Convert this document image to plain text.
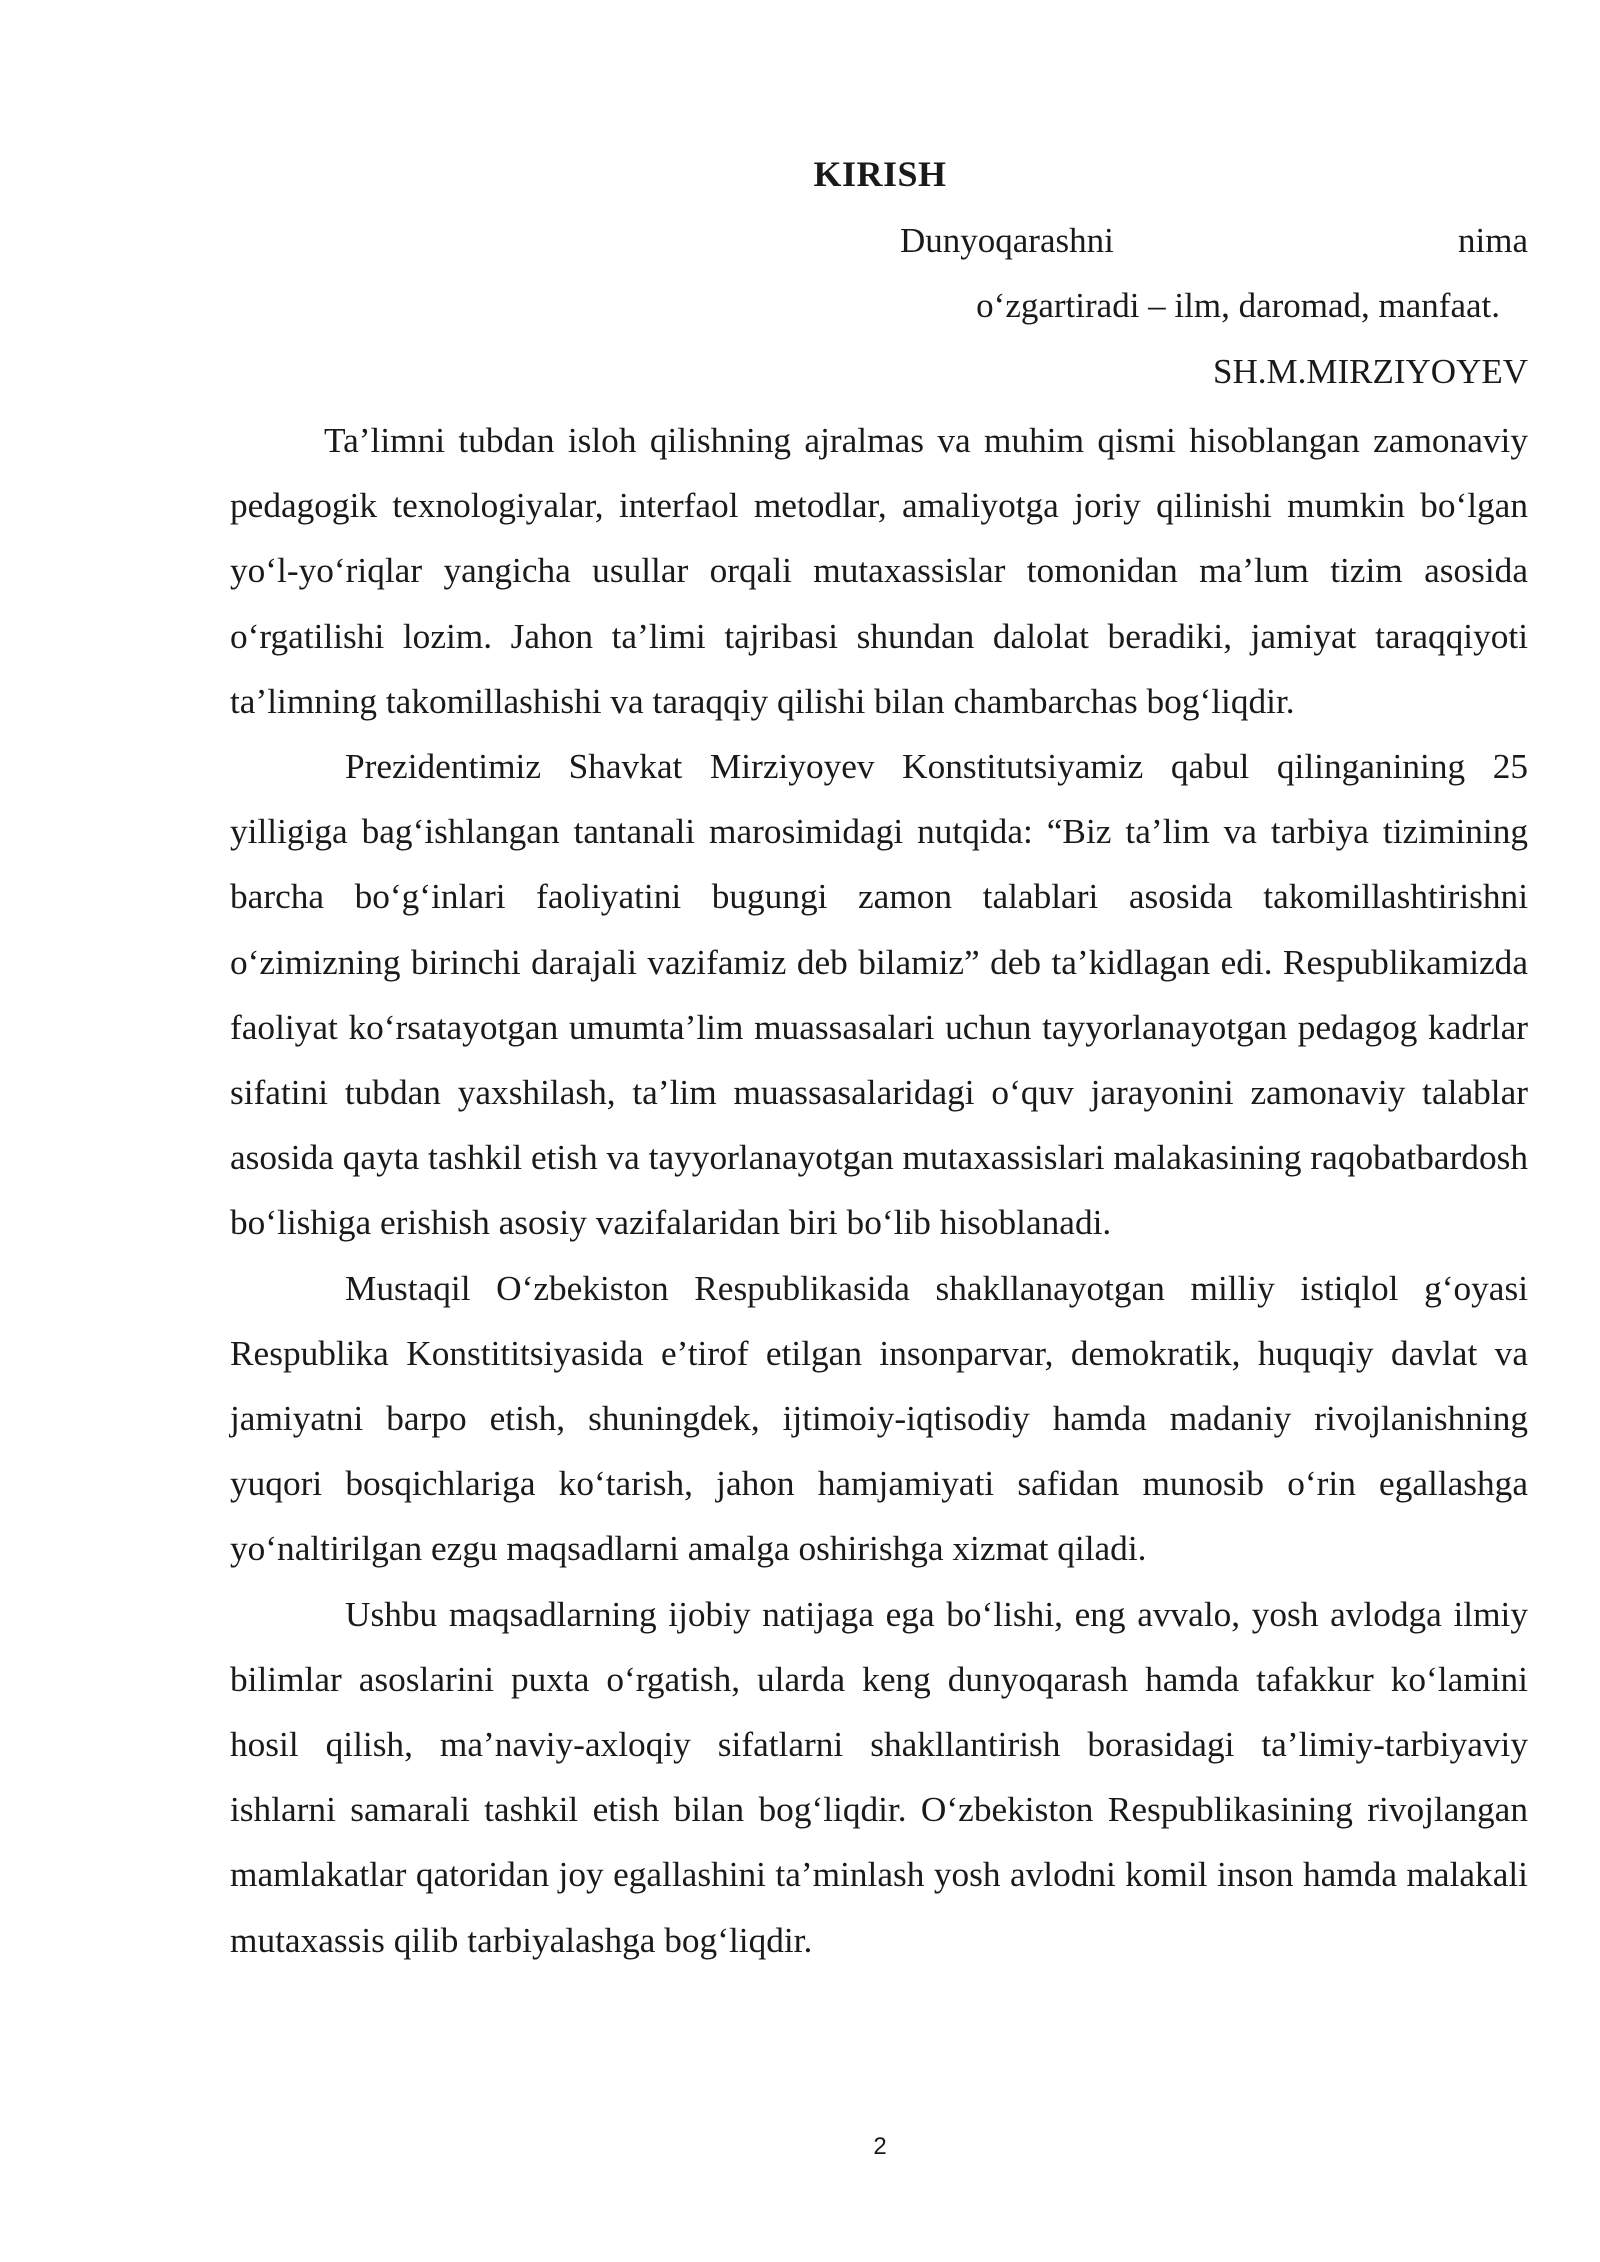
KIRISH
Dunyoqarashni nima
o‘zgartiradi – ilm, daromad, manfaat.
SH.M.MIRZIYOYEV

Ta’limni tubdan isloh qilishning ajralmas va muhim qismi hisoblangan zamonaviy pedagogik texnologiyalar, interfaol metodlar, amaliyotga joriy qilinishi mumkin bo‘lgan yo‘l-yo‘riqlar yangicha usullar orqali mutaxassislar tomonidan ma’lum tizim asosida o‘rgatilishi lozim. Jahon ta’limi tajribasi shundan dalolat beradiki, jamiyat taraqqiyoti ta’limning takomillashishi va taraqqiy qilishi bilan chambarchas bog‘liqdir.

Prezidentimiz Shavkat Mirziyoyev Konstitutsiyamiz qabul qilinganining 25 yilligiga bag‘ishlangan tantanali marosimidagi nutqida: “Biz ta’lim va tarbiya tizimining barcha bo‘g‘inlari faoliyatini bugungi zamon talablari asosida takomillashtirishni o‘zimizning birinchi darajali vazifamiz deb bilamiz” deb ta’kidlagan edi. Respublikamizda faoliyat ko‘rsatayotgan umumta’lim muassasalari uchun tayyorlanayotgan pedagog kadrlar sifatini tubdan yaxshilash, ta’lim muassasalaridagi o‘quv jarayonini zamonaviy talablar asosida qayta tashkil etish va tayyorlanayotgan mutaxassislari malakasining raqobatbardosh bo‘lishiga erishish asosiy vazifalaridan biri bo‘lib hisoblanadi.

Mustaqil O‘zbekiston Respublikasida shakllanayotgan milliy istiqlol g‘oyasi Respublika Konstititsiyasida e’tirof etilgan insonparvar, demokratik, huquqiy davlat va jamiyatni barpo etish, shuningdek, ijtimoiy-iqtisodiy hamda madaniy rivojlanishning yuqori bosqichlariga ko‘tarish, jahon hamjamiyati safidan munosib o‘rin egallashga yo‘naltirilgan ezgu maqsadlarni amalga oshirishga xizmat qiladi.

Ushbu maqsadlarning ijobiy natijaga ega bo‘lishi, eng avvalo, yosh avlodga ilmiy bilimlar asoslarini puxta o‘rgatish, ularda keng dunyoqarash hamda tafakkur ko‘lamini hosil qilish, ma’naviy-axloqiy sifatlarni shakllantirish borasidagi ta’limiy-tarbiyaviy ishlarni samarali tashkil etish bilan bog‘liqdir. O‘zbekiston Respublikasining rivojlangan mamlakatlar qatoridan joy egallashini ta’minlash yosh avlodni komil inson hamda malakali mutaxassis qilib tarbiyalashga bog‘liqdir.

2
